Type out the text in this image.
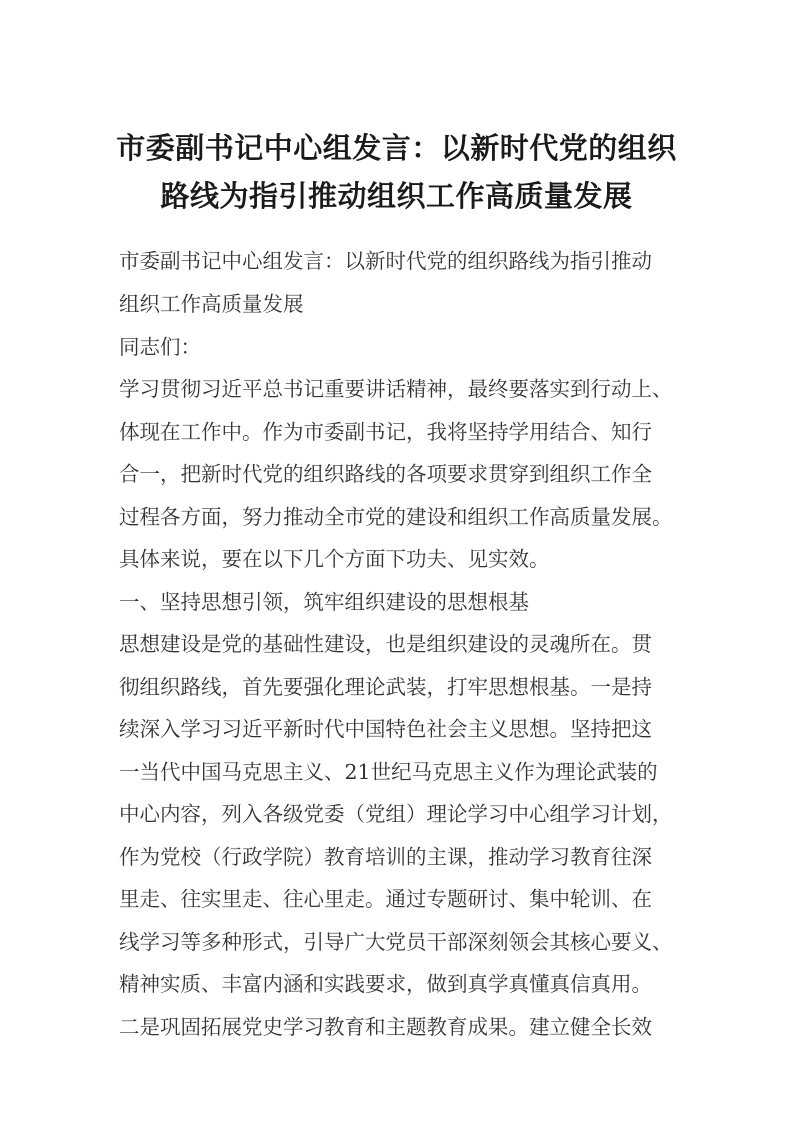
市委副书记中心组发言：以新时代党的组织
路线为指引推动组织工作高质量发展
市委副书记中心组发言：以新时代党的组织路线为指引推动
组织工作高质量发展
同志们：
学习贯彻习近平总书记重要讲话精神，最终要落实到行动上、
体现在工作中。作为市委副书记，我将坚持学用结合、知行
合一，把新时代党的组织路线的各项要求贯穿到组织工作全
过程各方面，努力推动全市党的建设和组织工作高质量发展。
具体来说，要在以下几个方面下功夫、见实效。
一、坚持思想引领，筑牢组织建设的思想根基
思想建设是党的基础性建设，也是组织建设的灵魂所在。贯
彻组织路线，首先要强化理论武装，打牢思想根基。一是持
续深入学习习近平新时代中国特色社会主义思想。坚持把这
一当代中国马克思主义、21世纪马克思主义作为理论武装的
中心内容，列入各级党委（党组）理论学习中心组学习计划，
作为党校（行政学院）教育培训的主课，推动学习教育往深
里走、往实里走、往心里走。通过专题研讨、集中轮训、在
线学习等多种形式，引导广大党员干部深刻领会其核心要义、
精神实质、丰富内涵和实践要求，做到真学真懂真信真用。
二是巩固拓展党史学习教育和主题教育成果。建立健全长效
